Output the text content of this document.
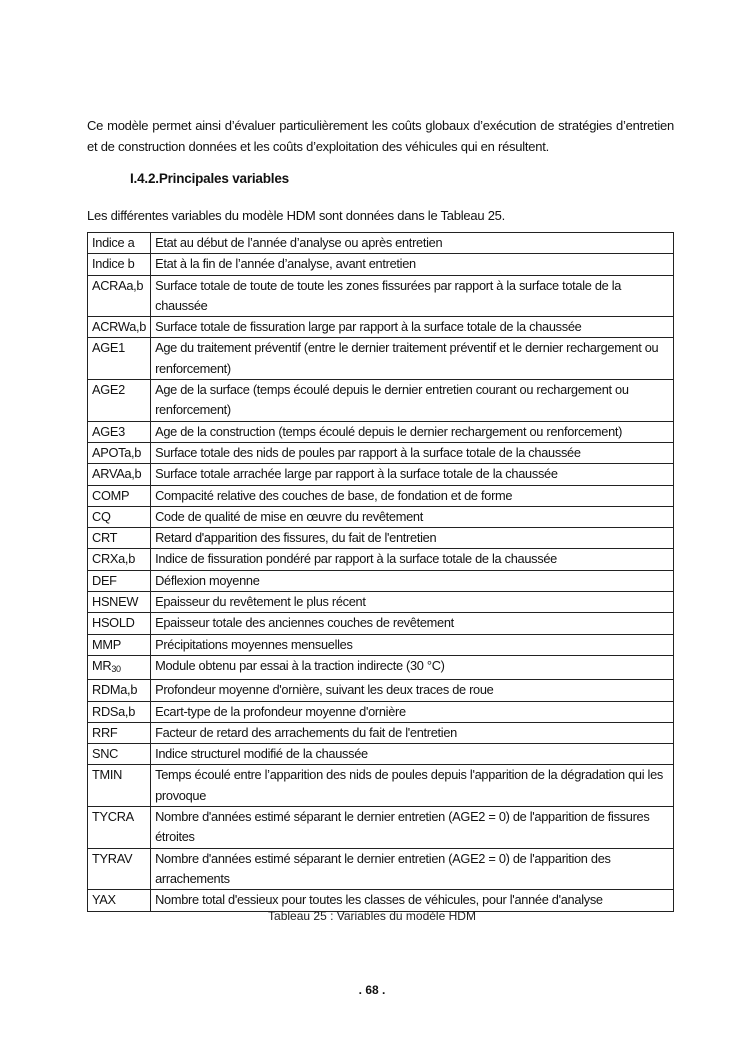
Ce modèle permet ainsi d’évaluer particulièrement les coûts globaux d’exécution de stratégies d’entretien et de construction données et les coûts d’exploitation des véhicules qui en résultent.
I.4.2.Principales variables
Les différentes variables du modèle HDM sont données dans le Tableau 25.
Indice a	Etat au début de l’année d’analyse ou après entretien
Indice b	Etat à la fin de l’année d’analyse, avant entretien
ACRAa,b	Surface totale de toute de toute les zones fissurées par rapport à la surface totale de la chaussée
ACRWa,b	Surface totale de fissuration large par rapport à la surface totale de la chaussée
AGE1	Age du traitement préventif (entre le dernier traitement préventif et le dernier rechargement ou renforcement)
AGE2	Age de la surface (temps écoulé depuis le dernier entretien courant ou rechargement ou renforcement)
AGE3	Age de la construction (temps écoulé depuis le dernier rechargement ou renforcement)
APOTa,b	Surface totale des nids de poules par rapport à la surface totale de la chaussée
ARVAa,b	Surface totale arrachée large par rapport à la surface totale de la chaussée
COMP	Compacité relative des couches de base, de fondation et de forme
CQ	Code de qualité de mise en œuvre du revêtement
CRT	Retard d'apparition des fissures, du fait de l'entretien
CRXa,b	Indice de fissuration pondéré par rapport à la surface totale de la chaussée
DEF	Déflexion moyenne
HSNEW	Epaisseur du revêtement le plus récent
HSOLD	Epaisseur totale des anciennes couches de revêtement
MMP	Précipitations moyennes mensuelles
$MR_{30}$	Module obtenu par essai à la traction indirecte (30 °C)
RDMa,b	Profondeur moyenne d'ornière, suivant les deux traces de roue
RDSa,b	Ecart-type de la profondeur moyenne d'ornière
RRF	Facteur de retard des arrachements du fait de l'entretien
SNC	Indice structurel modifié de la chaussée
TMIN	Temps écoulé entre l’apparition des nids de poules depuis l'apparition de la dégradation qui les provoque
TYCRA	Nombre d'années estimé séparant le dernier entretien (AGE2 = 0) de l'apparition de fissures étroites
TYRAV	Nombre d'années estimé séparant le dernier entretien (AGE2 = 0) de l'apparition des arrachements
YAX	Nombre total d'essieux pour toutes les classes de véhicules, pour l'année d'analyse
Tableau 25 : Variables du modèle HDM
. 68 .
